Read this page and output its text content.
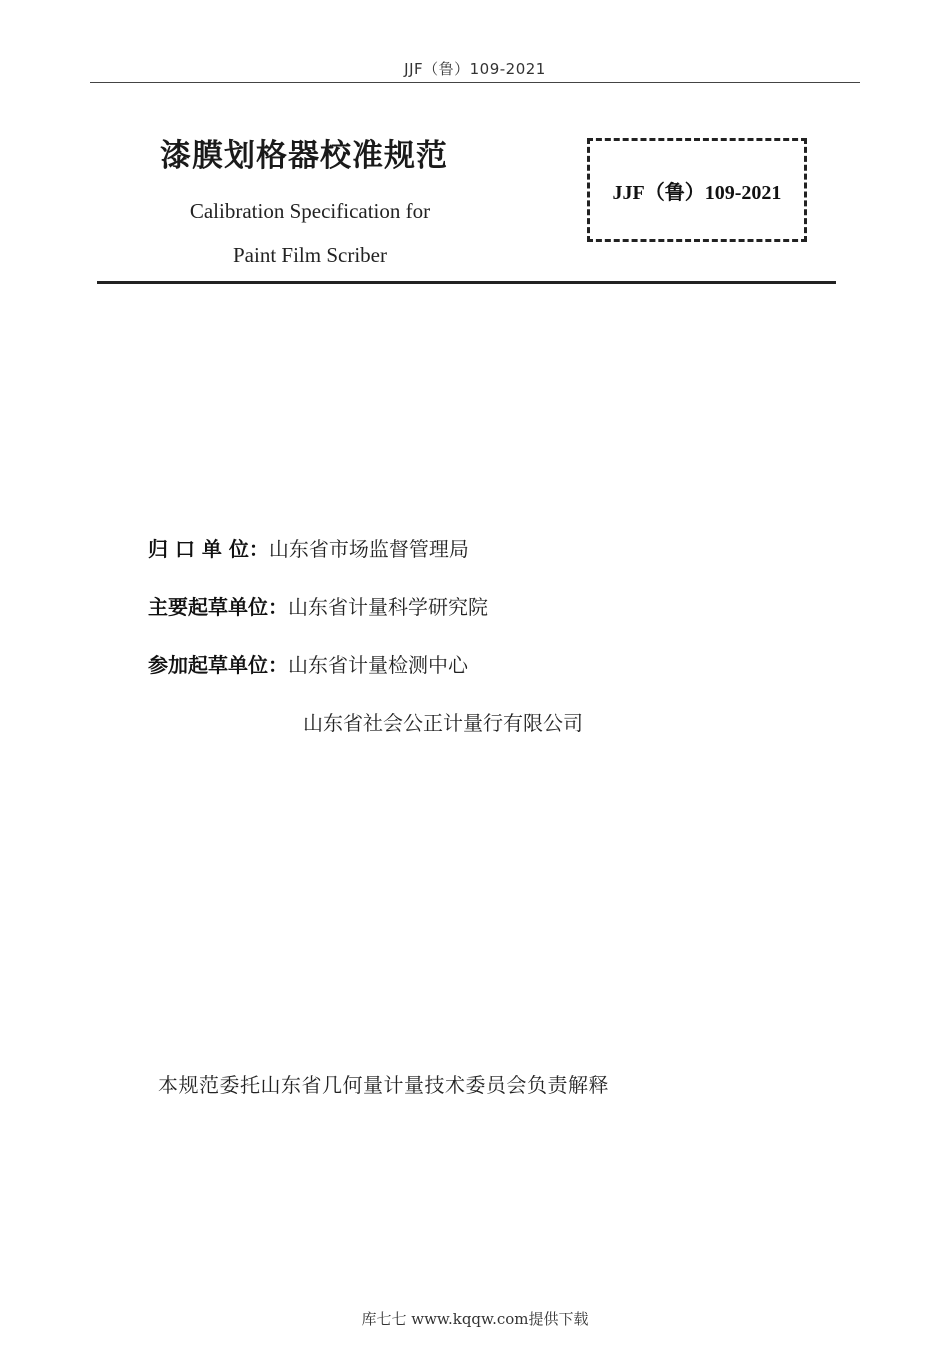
JJF（鲁）109-2021
漆膜划格器校准规范
Calibration Specification for
Paint Film Scriber
JJF（鲁）109-2021
归 口 单 位： 山东省市场监督管理局
主要起草单位： 山东省计量科学研究院
参加起草单位： 山东省计量检测中心
山东省社会公正计量行有限公司
本规范委托山东省几何量计量技术委员会负责解释
库七七 www.kqqw.com提供下载
